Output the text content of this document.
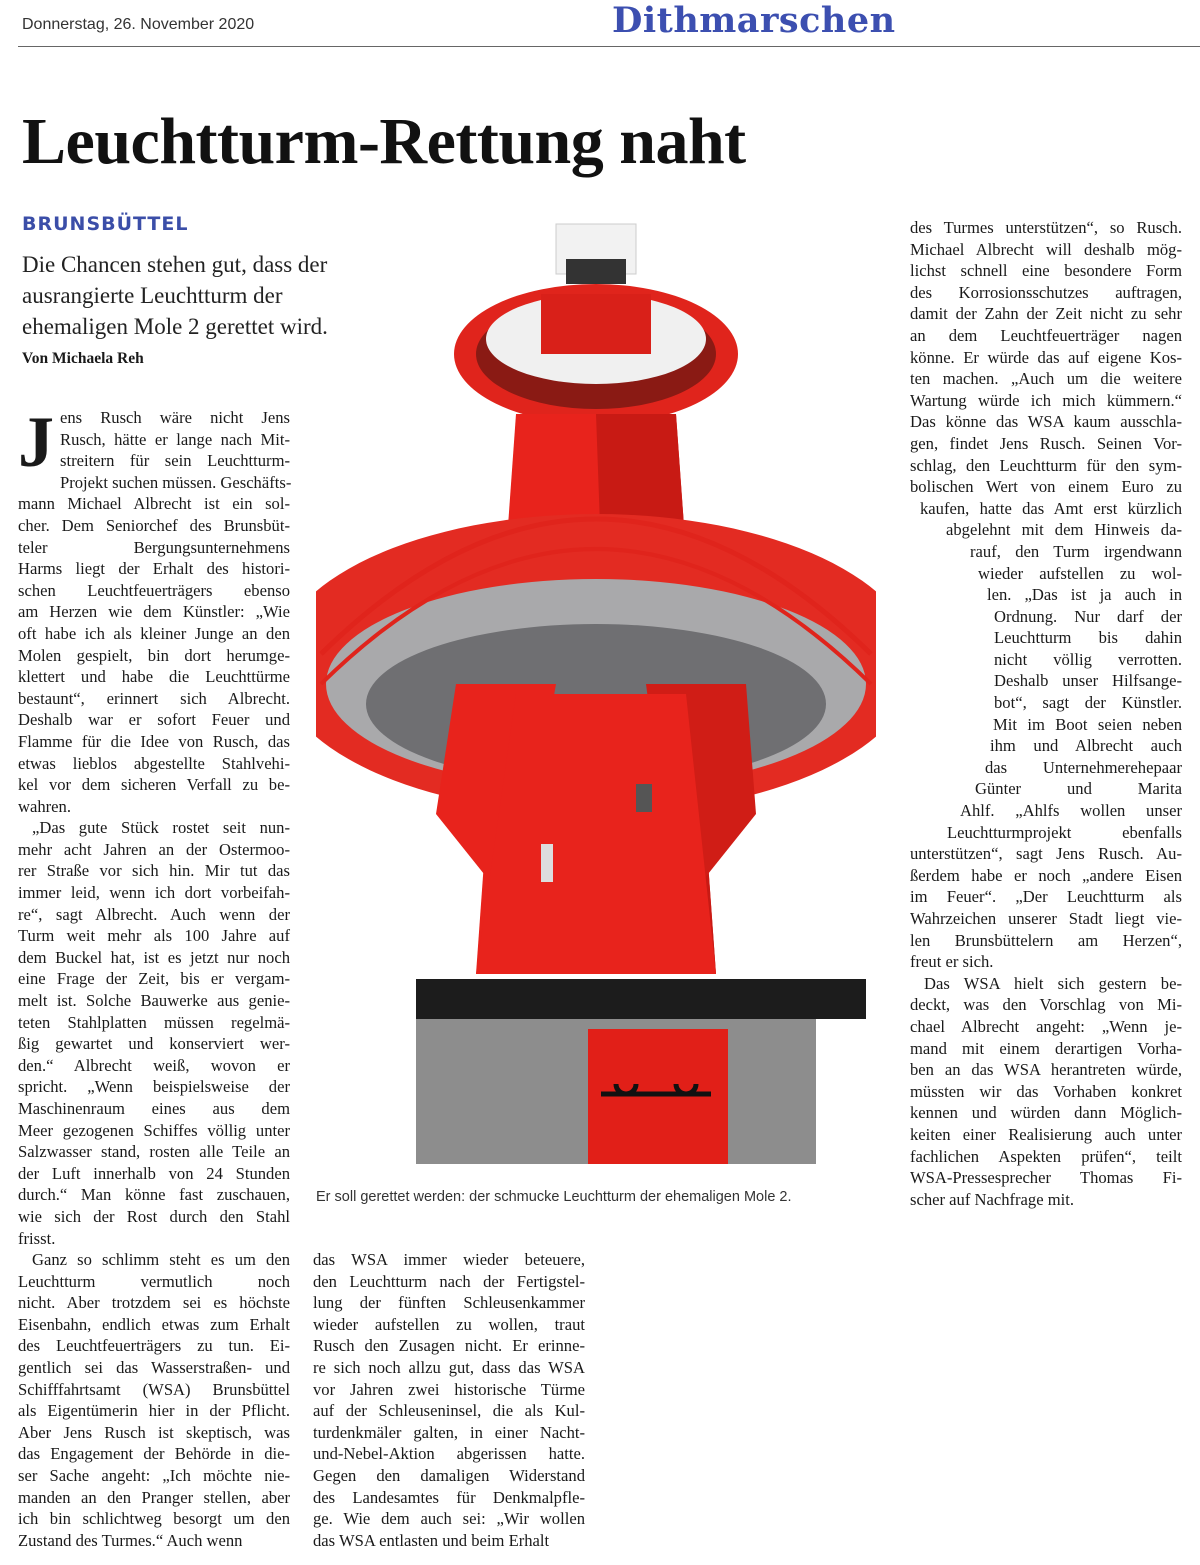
Donnerstag, 26. November 2020	Dithmarschen
Leuchtturm-Rettung naht
BRUNSBÜTTEL
Die Chancen stehen gut, dass der ausrangierte Leuchtturm der ehemaligen Mole 2 gerettet wird.
Von Michaela Reh
J ens Rusch wäre nicht Jens
Rusch, hätte er lange nach Mit-
streitern für sein Leuchtturm-
Projekt suchen müssen. Geschäfts-
mann Michael Albrecht ist ein sol-
cher. Dem Seniorchef des Brunsbüt-
teler Bergungsunternehmens
Harms liegt der Erhalt des histori-
schen Leuchtfeuerträgers ebenso
am Herzen wie dem Künstler: „Wie
oft habe ich als kleiner Junge an den
Molen gespielt, bin dort herumge-
klettert und habe die Leuchttürme
bestaunt“, erinnert sich Albrecht.
Deshalb war er sofort Feuer und
Flamme für die Idee von Rusch, das
etwas lieblos abgestellte Stahlvehi-
kel vor dem sicheren Verfall zu be-
wahren.
„Das gute Stück rostet seit nun-
mehr acht Jahren an der Ostermoo-
rer Straße vor sich hin. Mir tut das
immer leid, wenn ich dort vorbeifah-
re“, sagt Albrecht. Auch wenn der
Turm weit mehr als 100 Jahre auf
dem Buckel hat, ist es jetzt nur noch
eine Frage der Zeit, bis er vergam-
melt ist. Solche Bauwerke aus genie-
teten Stahlplatten müssen regelmä-
ßig gewartet und konserviert wer-
den.“ Albrecht weiß, wovon er
spricht. „Wenn beispielsweise der
Maschinenraum eines aus dem
Meer gezogenen Schiffes völlig unter
Salzwasser stand, rosten alle Teile an
der Luft innerhalb von 24 Stunden
durch.“ Man könne fast zuschauen,
wie sich der Rost durch den Stahl
frisst.
Ganz so schlimm steht es um den
Leuchtturm vermutlich noch
nicht. Aber trotzdem sei es höchste
Eisenbahn, endlich etwas zum Erhalt
des Leuchtfeuerträgers zu tun. Ei-
gentlich sei das Wasserstraßen- und
Schifffahrtsamt (WSA) Brunsbüttel
als Eigentümerin hier in der Pflicht.
Aber Jens Rusch ist skeptisch, was
das Engagement der Behörde in die-
ser Sache angeht: „Ich möchte nie-
manden an den Pranger stellen, aber
ich bin schlichtweg besorgt um den
Zustand des Turmes.“ Auch wenn
das WSA immer wieder beteuere,
den Leuchtturm nach der Fertigstel-
lung der fünften Schleusenkammer
wieder aufstellen zu wollen, traut
Rusch den Zusagen nicht. Er erinne-
re sich noch allzu gut, dass das WSA
vor Jahren zwei historische Türme
auf der Schleuseninsel, die als Kul-
turdenkmäler galten, in einer Nacht-
und-Nebel-Aktion abgerissen hatte.
Gegen den damaligen Widerstand
des Landesamtes für Denkmalpfle-
ge. Wie dem auch sei: „Wir wollen
das WSA entlasten und beim Erhalt
des Turmes unterstützen“, so Rusch.
Michael Albrecht will deshalb mög-
lichst schnell eine besondere Form
des Korrosionsschutzes auftragen,
damit der Zahn der Zeit nicht zu sehr
an dem Leuchtfeuerträger nagen
könne. Er würde das auf eigene Kos-
ten machen. „Auch um die weitere
Wartung würde ich mich kümmern.“
Das könne das WSA kaum ausschla-
gen, findet Jens Rusch. Seinen Vor-
schlag, den Leuchtturm für den sym-
bolischen Wert von einem Euro zu
kaufen, hatte das Amt erst kürzlich
abgelehnt mit dem Hinweis da-
rauf, den Turm irgendwann
wieder aufstellen zu wol-
len. „Das ist ja auch in
Ordnung. Nur darf der
Leuchtturm bis dahin
nicht völlig verrotten.
Deshalb unser Hilfsange-
bot“, sagt der Künstler.
Mit im Boot seien neben
ihm und Albrecht auch
das Unternehmerehepaar
Günter und Marita
Ahlf. „Ahlfs wollen unser
Leuchtturmprojekt ebenfalls
unterstützen“, sagt Jens Rusch. Au-
ßerdem habe er noch „andere Eisen
im Feuer“. „Der Leuchtturm als
Wahrzeichen unserer Stadt liegt vie-
len Brunsbüttelern am Herzen“,
freut er sich.
Das WSA hielt sich gestern be-
deckt, was den Vorschlag von Mi-
chael Albrecht angeht: „Wenn je-
mand mit einem derartigen Vorha-
ben an das WSA herantreten würde,
müssten wir das Vorhaben konkret
kennen und würden dann Möglich-
keiten einer Realisierung auch unter
fachlichen Aspekten prüfen“, teilt
WSA-Pressesprecher Thomas Fi-
scher auf Nachfrage mit.
Er soll gerettet werden: der schmucke Leuchtturm der ehemaligen Mole 2.
